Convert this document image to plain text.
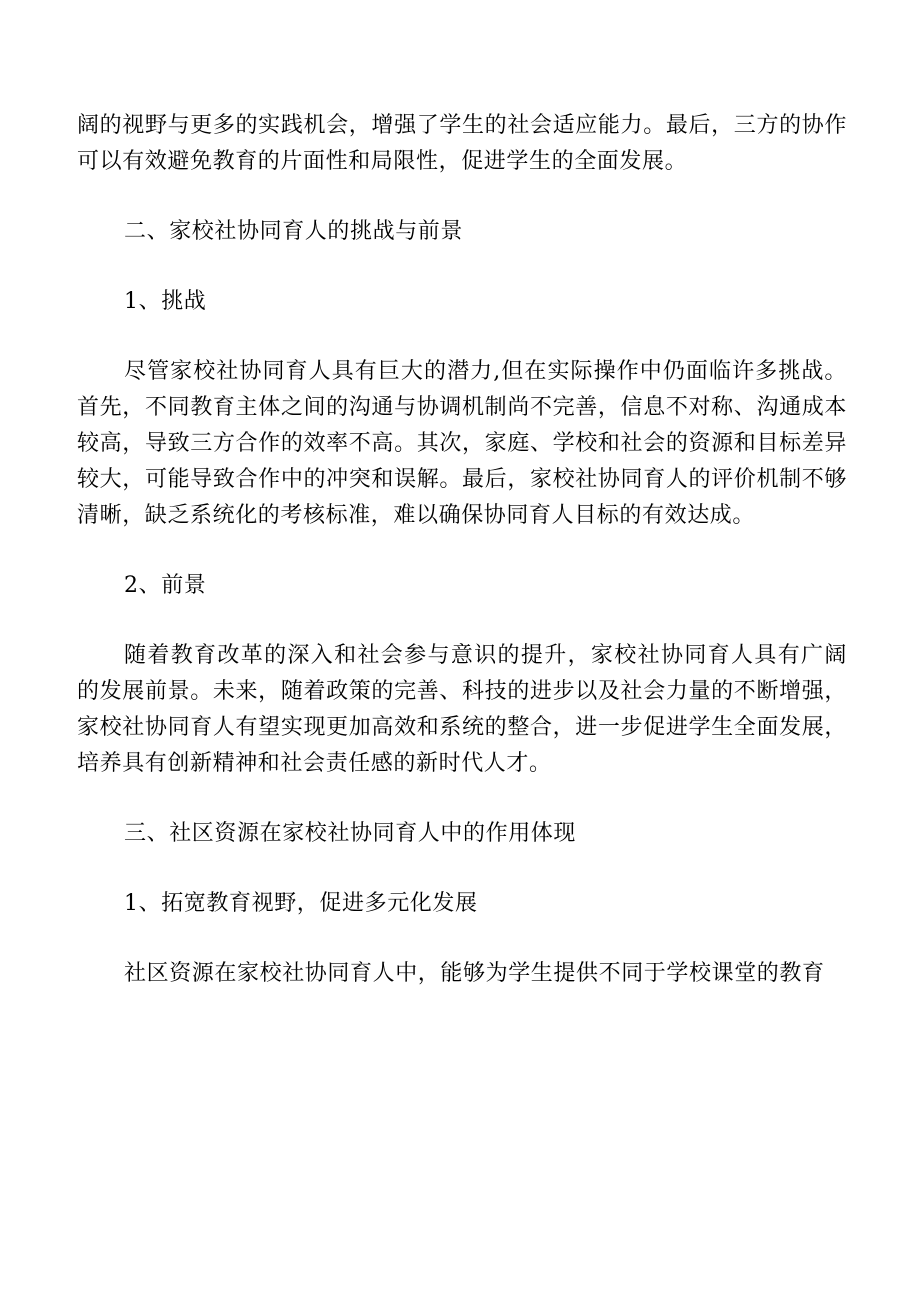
阔的视野与更多的实践机会，增强了学生的社会适应能力。最后，三方的协作可以有效避免教育的片面性和局限性，促进学生的全面发展。

二、家校社协同育人的挑战与前景

1、挑战

尽管家校社协同育人具有巨大的潜力,但在实际操作中仍面临许多挑战。首先，不同教育主体之间的沟通与协调机制尚不完善，信息不对称、沟通成本较高，导致三方合作的效率不高。其次，家庭、学校和社会的资源和目标差异较大，可能导致合作中的冲突和误解。最后，家校社协同育人的评价机制不够清晰，缺乏系统化的考核标准，难以确保协同育人目标的有效达成。

2、前景

随着教育改革的深入和社会参与意识的提升，家校社协同育人具有广阔的发展前景。未来，随着政策的完善、科技的进步以及社会力量的不断增强，家校社协同育人有望实现更加高效和系统的整合，进一步促进学生全面发展，培养具有创新精神和社会责任感的新时代人才。

三、社区资源在家校社协同育人中的作用体现

1、拓宽教育视野，促进多元化发展

社区资源在家校社协同育人中，能够为学生提供不同于学校课堂的教育
